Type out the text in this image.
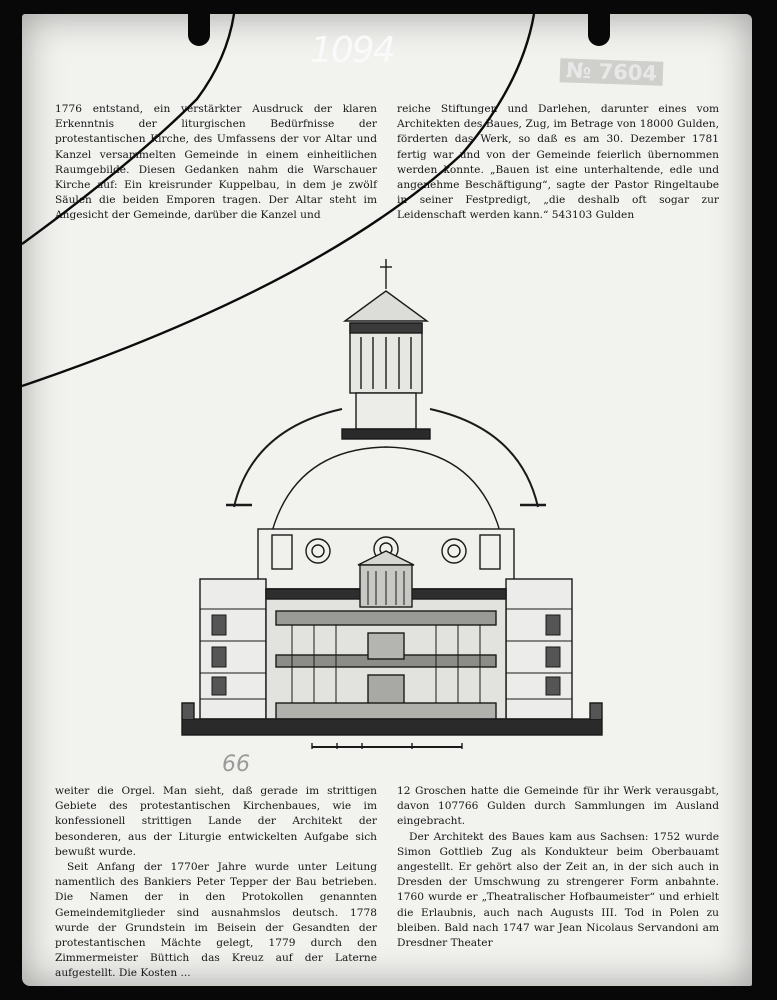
1094
№ 7604

1776 entstand, ein verstärkter Ausdruck der klaren Erkenntnis der liturgischen Bedürfnisse der protestantischen Kirche, des Umfassens der vor Altar und Kanzel versammelten Gemeinde in einem einheitlichen Raumgebilde. Diesen Gedanken nahm die Warschauer Kirche auf: Ein kreisrunder Kuppelbau, in dem je zwölf Säulen die beiden Emporen tragen. Der Altar steht im Angesicht der Gemeinde, darüber die Kanzel und

reiche Stiftungen und Darlehen, darunter eines vom Architekten des Baues, Zug, im Betrage von 18000 Gulden, förderten das Werk, so daß es am 30. Dezember 1781 fertig war und von der Gemeinde feierlich übernommen werden konnte. „Bauen ist eine unterhaltende, edle und angenehme Beschäftigung“, sagte der Pastor Ringeltaube in seiner Festpredigt, „die deshalb oft sogar zur Leidenschaft werden kann.“ 543103 Gulden

66

weiter die Orgel. Man sieht, daß gerade im strittigen Gebiete des protestantischen Kirchenbaues, wie im konfessionell strittigen Lande der Architekt der besonderen, aus der Liturgie entwickelten Aufgabe sich bewußt wurde.

Seit Anfang der 1770er Jahre wurde unter Leitung namentlich des Bankiers Peter Tepper der Bau betrieben. Die Namen der in den Protokollen genannten Gemeindemitglieder sind ausnahmslos deutsch. 1778 wurde der Grundstein im Beisein der Gesandten der protestantischen Mächte gelegt, 1779 durch den Zimmermeister Büttich das Kreuz auf der Laterne aufgestellt. Die Kosten ...

12 Groschen hatte die Gemeinde für ihr Werk verausgabt, davon 107766 Gulden durch Sammlungen im Ausland eingebracht.

Der Architekt des Baues kam aus Sachsen: 1752 wurde Simon Gottlieb Zug als Kondukteur beim Oberbauamt angestellt. Er gehört also der Zeit an, in der sich auch in Dresden der Umschwung zu strengerer Form anbahnte. 1760 wurde er „Theatralischer Hofbaumeister“ und erhielt die Erlaubnis, auch nach Augusts III. Tod in Polen zu bleiben. Bald nach 1747 war Jean Nicolaus Servandoni am Dresdner Theater
